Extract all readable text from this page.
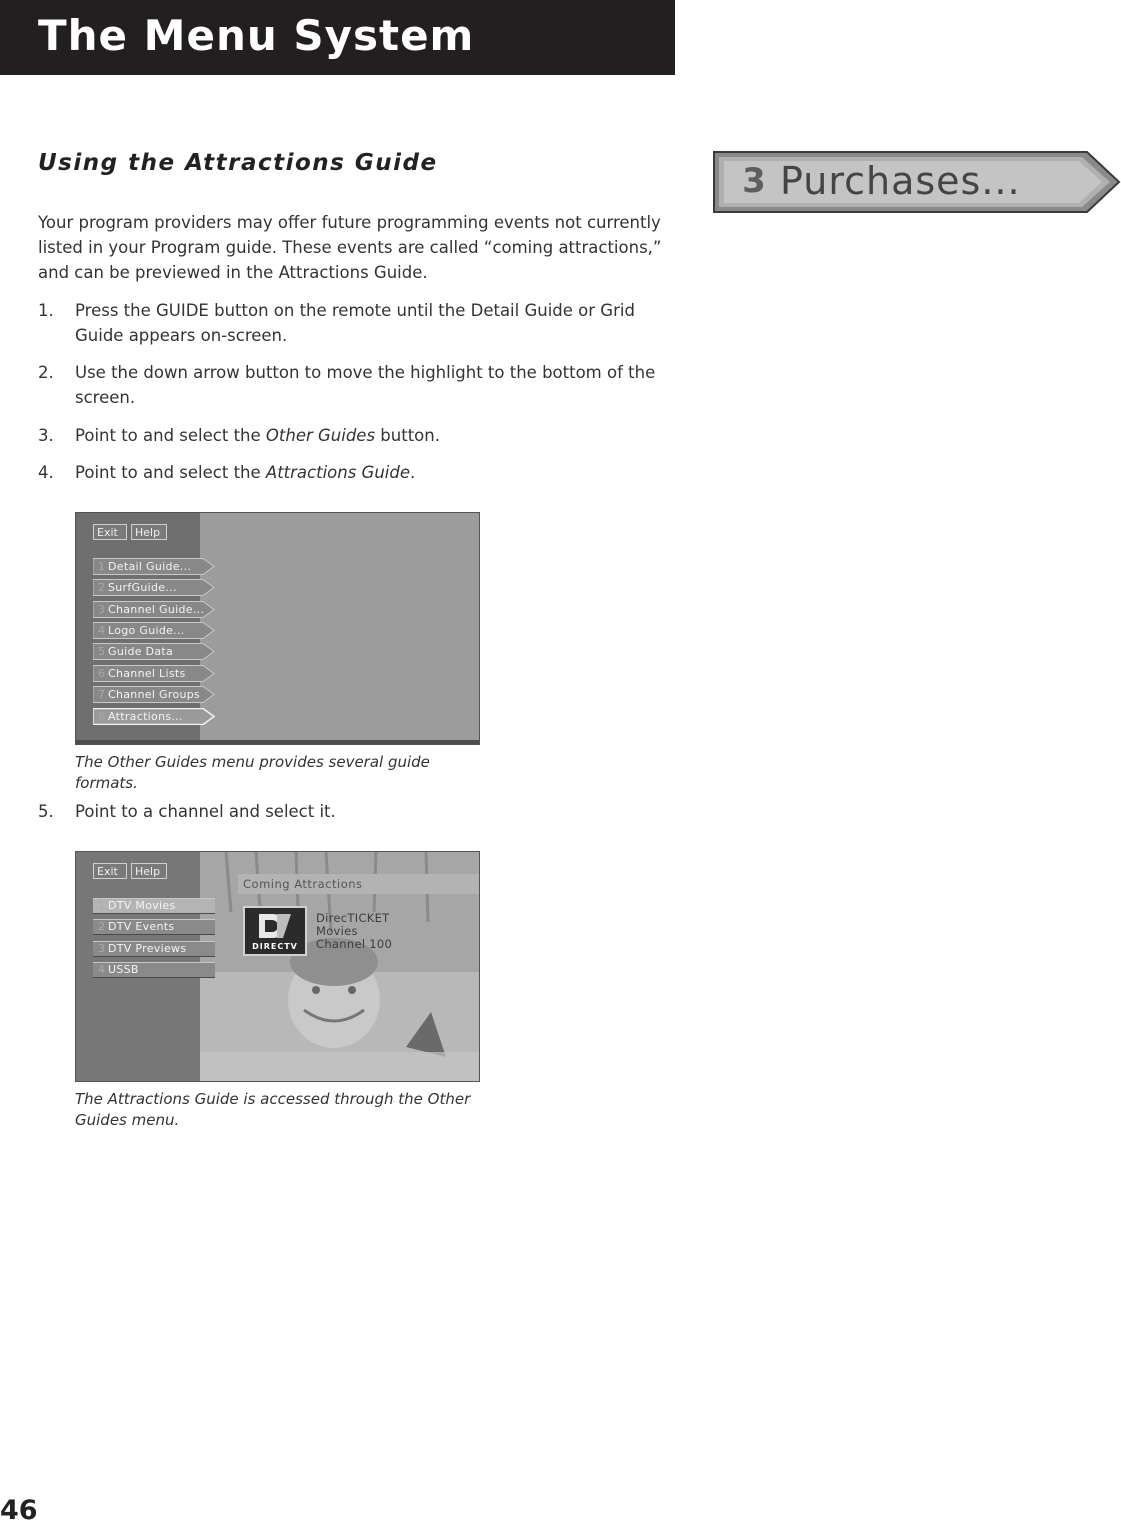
The Menu System
Using the Attractions Guide

Your program providers may offer future programming events not currently listed in your Program guide. These events are called “coming attractions,” and can be previewed in the Attractions Guide.

1. Press the GUIDE button on the remote until the Detail Guide or Grid Guide appears on-screen.
2. Use the down arrow button to move the highlight to the bottom of the screen.
3. Point to and select the Other Guides button.
4. Point to and select the Attractions Guide.
3 Purchases...
Exit	Help
1 Detail Guide...
2 SurfGuide...
3 Channel Guide...
4 Logo Guide...
5 Guide Data
6 Channel Lists
7 Channel Groups
8 Attractions...
The Other Guides menu provides several guide formats.
5. Point to a channel and select it.
Exit	Help
1 DTV Movies
2 DTV Events
3 DTV Previews
4 USSB
Coming Attractions
DIRECTV
DirecTICKET
Movies
Channel 100
The Attractions Guide is accessed through the Other Guides menu.
46
